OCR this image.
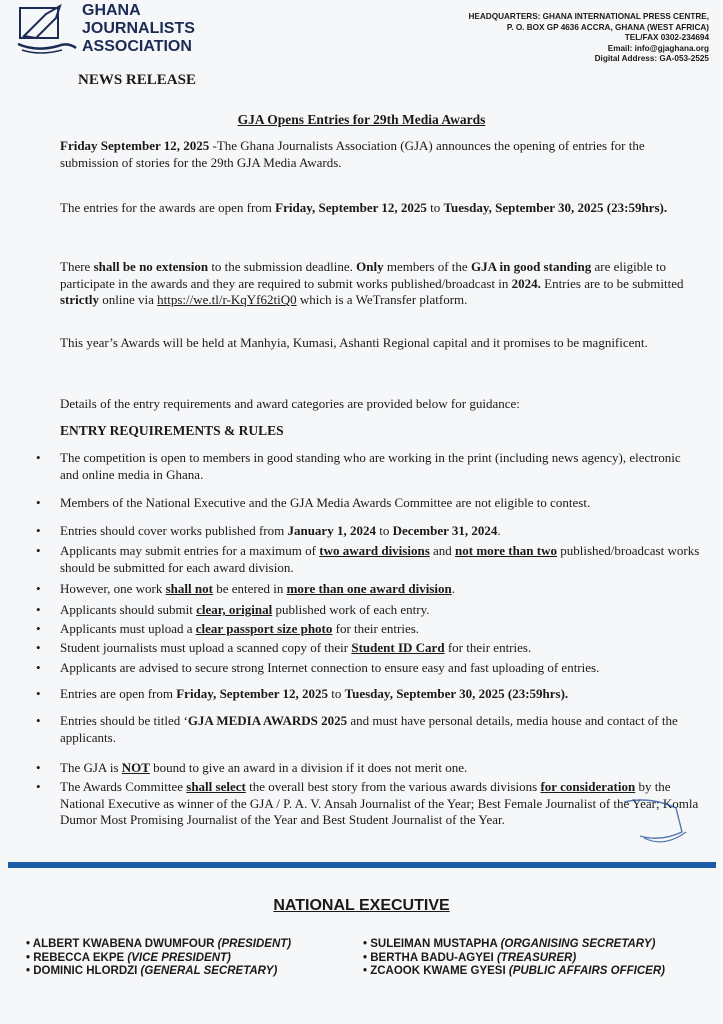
GHANA
JOURNALISTS
ASSOCIATION
NEWS RELEASE
HEADQUARTERS: GHANA INTERNATIONAL PRESS CENTRE,
P. O. BOX GP 4636 ACCRA, GHANA (WEST AFRICA)
TEL/FAX 0302-234694
Email: info@gjaghana.org
Digital Address: GA-053-2525
GJA Opens Entries for 29th Media Awards

Friday September 12, 2025 -The Ghana Journalists Association (GJA) announces the opening of entries for the submission of stories for the 29th GJA Media Awards.

The entries for the awards are open from Friday, September 12, 2025 to Tuesday, September 30, 2025 (23:59hrs).

There shall be no extension to the submission deadline. Only members of the GJA in good standing are eligible to participate in the awards and they are required to submit works published/broadcast in 2024. Entries are to be submitted strictly online via https://we.tl/r-KqYf62tiQ0 which is a WeTransfer platform.

This year’s Awards will be held at Manhyia, Kumasi, Ashanti Regional capital and it promises to be magnificent.

Details of the entry requirements and award categories are provided below for guidance:

ENTRY REQUIREMENTS & RULES

• The competition is open to members in good standing who are working in the print (including news agency), electronic and online media in Ghana.
• Members of the National Executive and the GJA Media Awards Committee are not eligible to contest.
• Entries should cover works published from January 1, 2024 to December 31, 2024.
• Applicants may submit entries for a maximum of two award divisions and not more than two published/broadcast works should be submitted for each award division.
• However, one work shall not be entered in more than one award division.
• Applicants should submit clear, original published work of each entry.
• Applicants must upload a clear passport size photo for their entries.
• Student journalists must upload a scanned copy of their Student ID Card for their entries.
• Applicants are advised to secure strong Internet connection to ensure easy and fast uploading of entries.
• Entries are open from Friday, September 12, 2025 to Tuesday, September 30, 2025 (23:59hrs).
• Entries should be titled ‘GJA MEDIA AWARDS 2025 and must have personal details, media house and contact of the applicants.
• The GJA is NOT bound to give an award in a division if it does not merit one.
• The Awards Committee shall select the overall best story from the various awards divisions for consideration by the National Executive as winner of the GJA / P. A. V. Ansah Journalist of the Year; Best Female Journalist of the Year; Komla Dumor Most Promising Journalist of the Year and Best Student Journalist of the Year.
NATIONAL EXECUTIVE
• ALBERT KWABENA DWUMFOUR (PRESIDENT)
• REBECCA EKPE (VICE PRESIDENT)
• DOMINIC HLORDZI (GENERAL SECRETARY)
• SULEIMAN MUSTAPHA (ORGANISING SECRETARY)
• BERTHA BADU-AGYEI (TREASURER)
• ZCAOOK KWAME GYESI (PUBLIC AFFAIRS OFFICER)
